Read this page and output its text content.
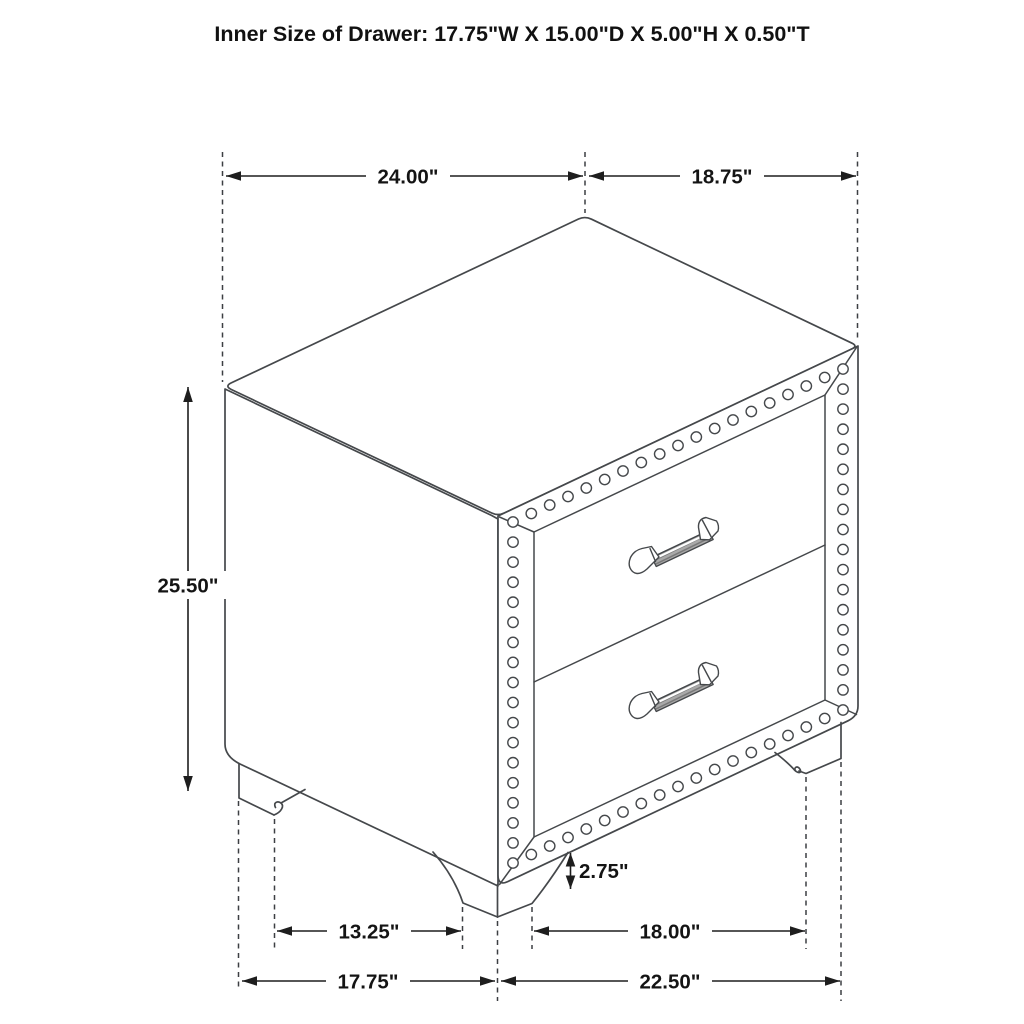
24.00"	18.75"
25.50"
2.75"
13.25"	18.00"
17.75"	22.50"
Inner Size of Drawer: 17.75"W X 15.00"D X 5.00"H X 0.50"T
